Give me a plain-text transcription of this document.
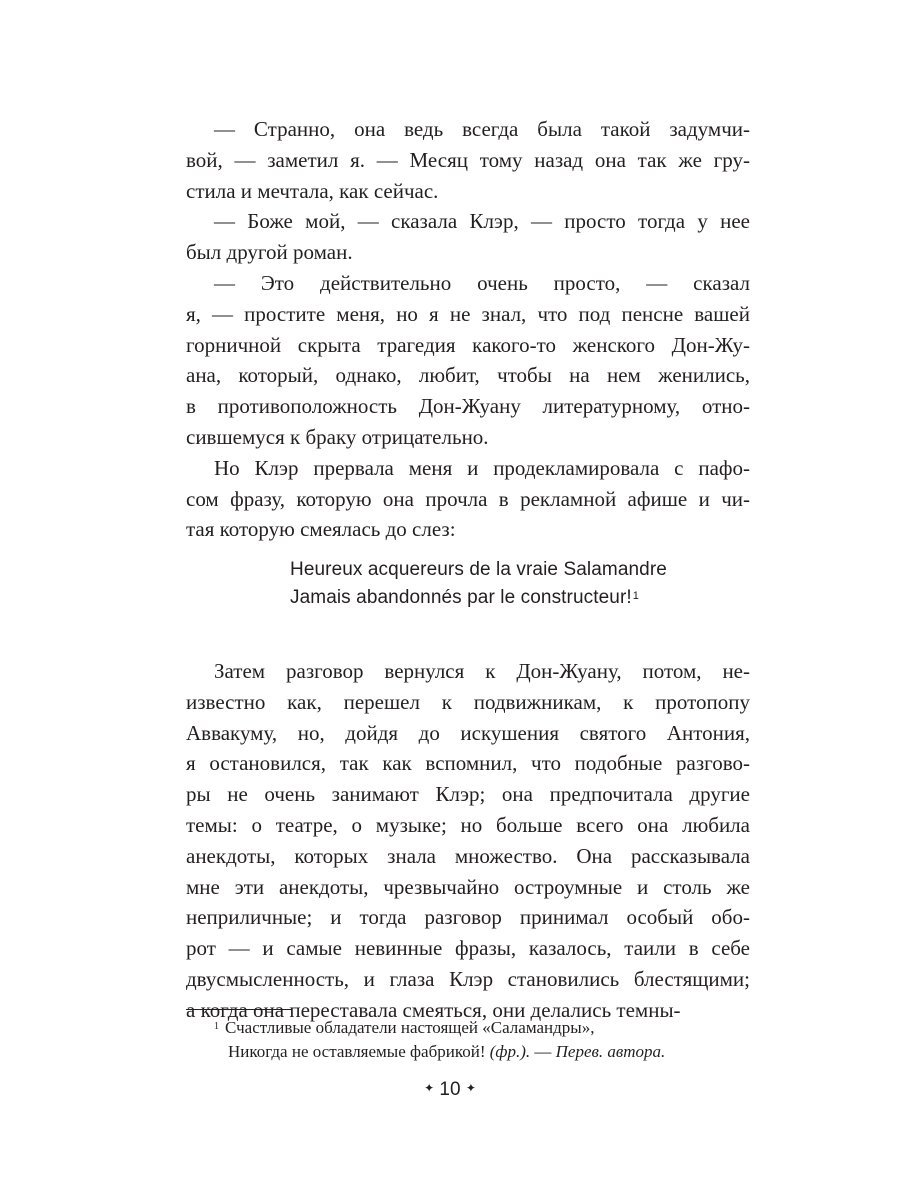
— Странно, она ведь всегда была такой задумчи-
вой, — заметил я. — Месяц тому назад она так же гру-
стила и мечтала, как сейчас.
— Боже мой, — сказала Клэр, — просто тогда у нее
был другой роман.
— Это действительно очень просто, — сказал
я, — простите меня, но я не знал, что под пенсне вашей
горничной скрыта трагедия какого-то женского Дон-Жу-
ана, который, однако, любит, чтобы на нем женились,
в противоположность Дон-Жуану литературному, отно-
сившемуся к браку отрицательно.
Но Клэр прервала меня и продекламировала с пафо-
сом фразу, которую она прочла в рекламной афише и чи-
тая которую смеялась до слез:
Heureux acquereurs de la vraie Salamandre
Jamais abandonnés par le constructeur!$^1$
Затем разговор вернулся к Дон-Жуану, потом, не-
известно как, перешел к подвижникам, к протопопу
Аввакуму, но, дойдя до искушения святого Антония,
я остановился, так как вспомнил, что подобные разгово-
ры не очень занимают Клэр; она предпочитала другие
темы: о театре, о музыке; но больше всего она любила
анекдоты, которых знала множество. Она рассказывала
мне эти анекдоты, чрезвычайно остроумные и столь же
неприличные; и тогда разговор принимал особый обо-
рот — и самые невинные фразы, казалось, таили в себе
двусмысленность, и глаза Клэр становились блестящими;
а когда она переставала смеяться, они делались темны-
$^1$ Счастливые обладатели настоящей «Саламандры»,
Никогда не оставляемые фабрикой! (фр.). — Перев. автора.
✦ 10 ✦
